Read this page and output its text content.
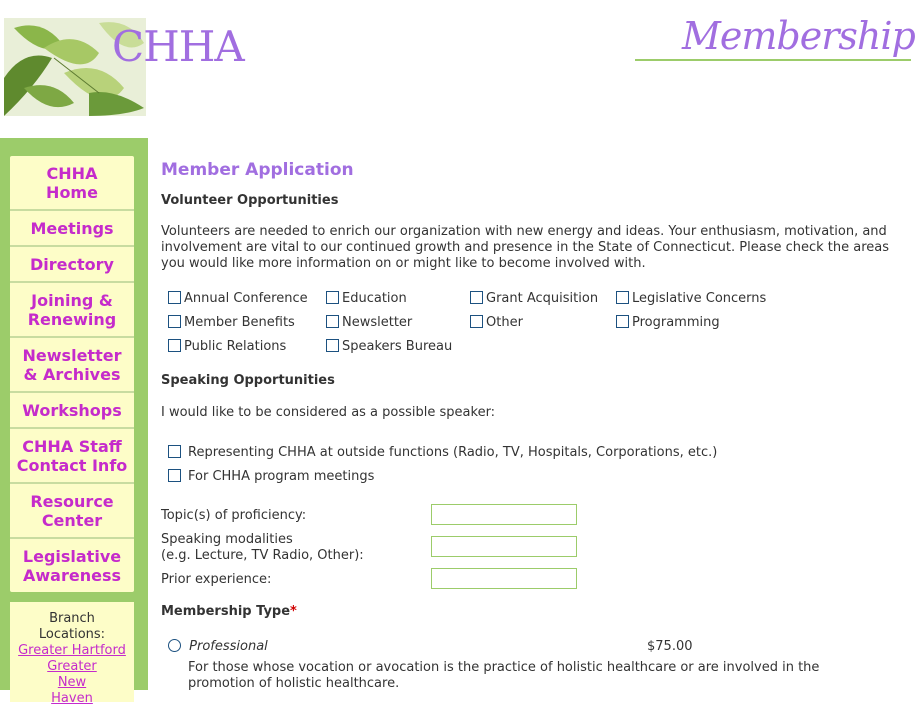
CHHA	Membership
CHHA Home
Meetings
Directory
Joining & Renewing
Newsletter & Archives
Workshops
CHHA Staff Contact Info
Resource Center
Legislative Awareness
Branch Locations:
Greater Hartford
Greater New Haven
Member Application
Volunteer Opportunities
Volunteers are needed to enrich our organization with new energy and ideas. Your enthusiasm, motivation, and involvement are vital to our continued growth and presence in the State of Connecticut. Please check the areas you would like more information on or might like to become involved with.
Annual Conference	Education	Grant Acquisition	Legislative Concerns
Member Benefits	Newsletter	Other	Programming
Public Relations	Speakers Bureau
Speaking Opportunities
I would like to be considered as a possible speaker:
Representing CHHA at outside functions (Radio, TV, Hospitals, Corporations, etc.)
For CHHA program meetings
Topic(s) of proficiency:
Speaking modalities
(e.g. Lecture, TV Radio, Other):
Prior experience:
Membership Type*
Professional	$75.00
For those whose vocation or avocation is the practice of holistic healthcare or are involved in the promotion of holistic healthcare.
